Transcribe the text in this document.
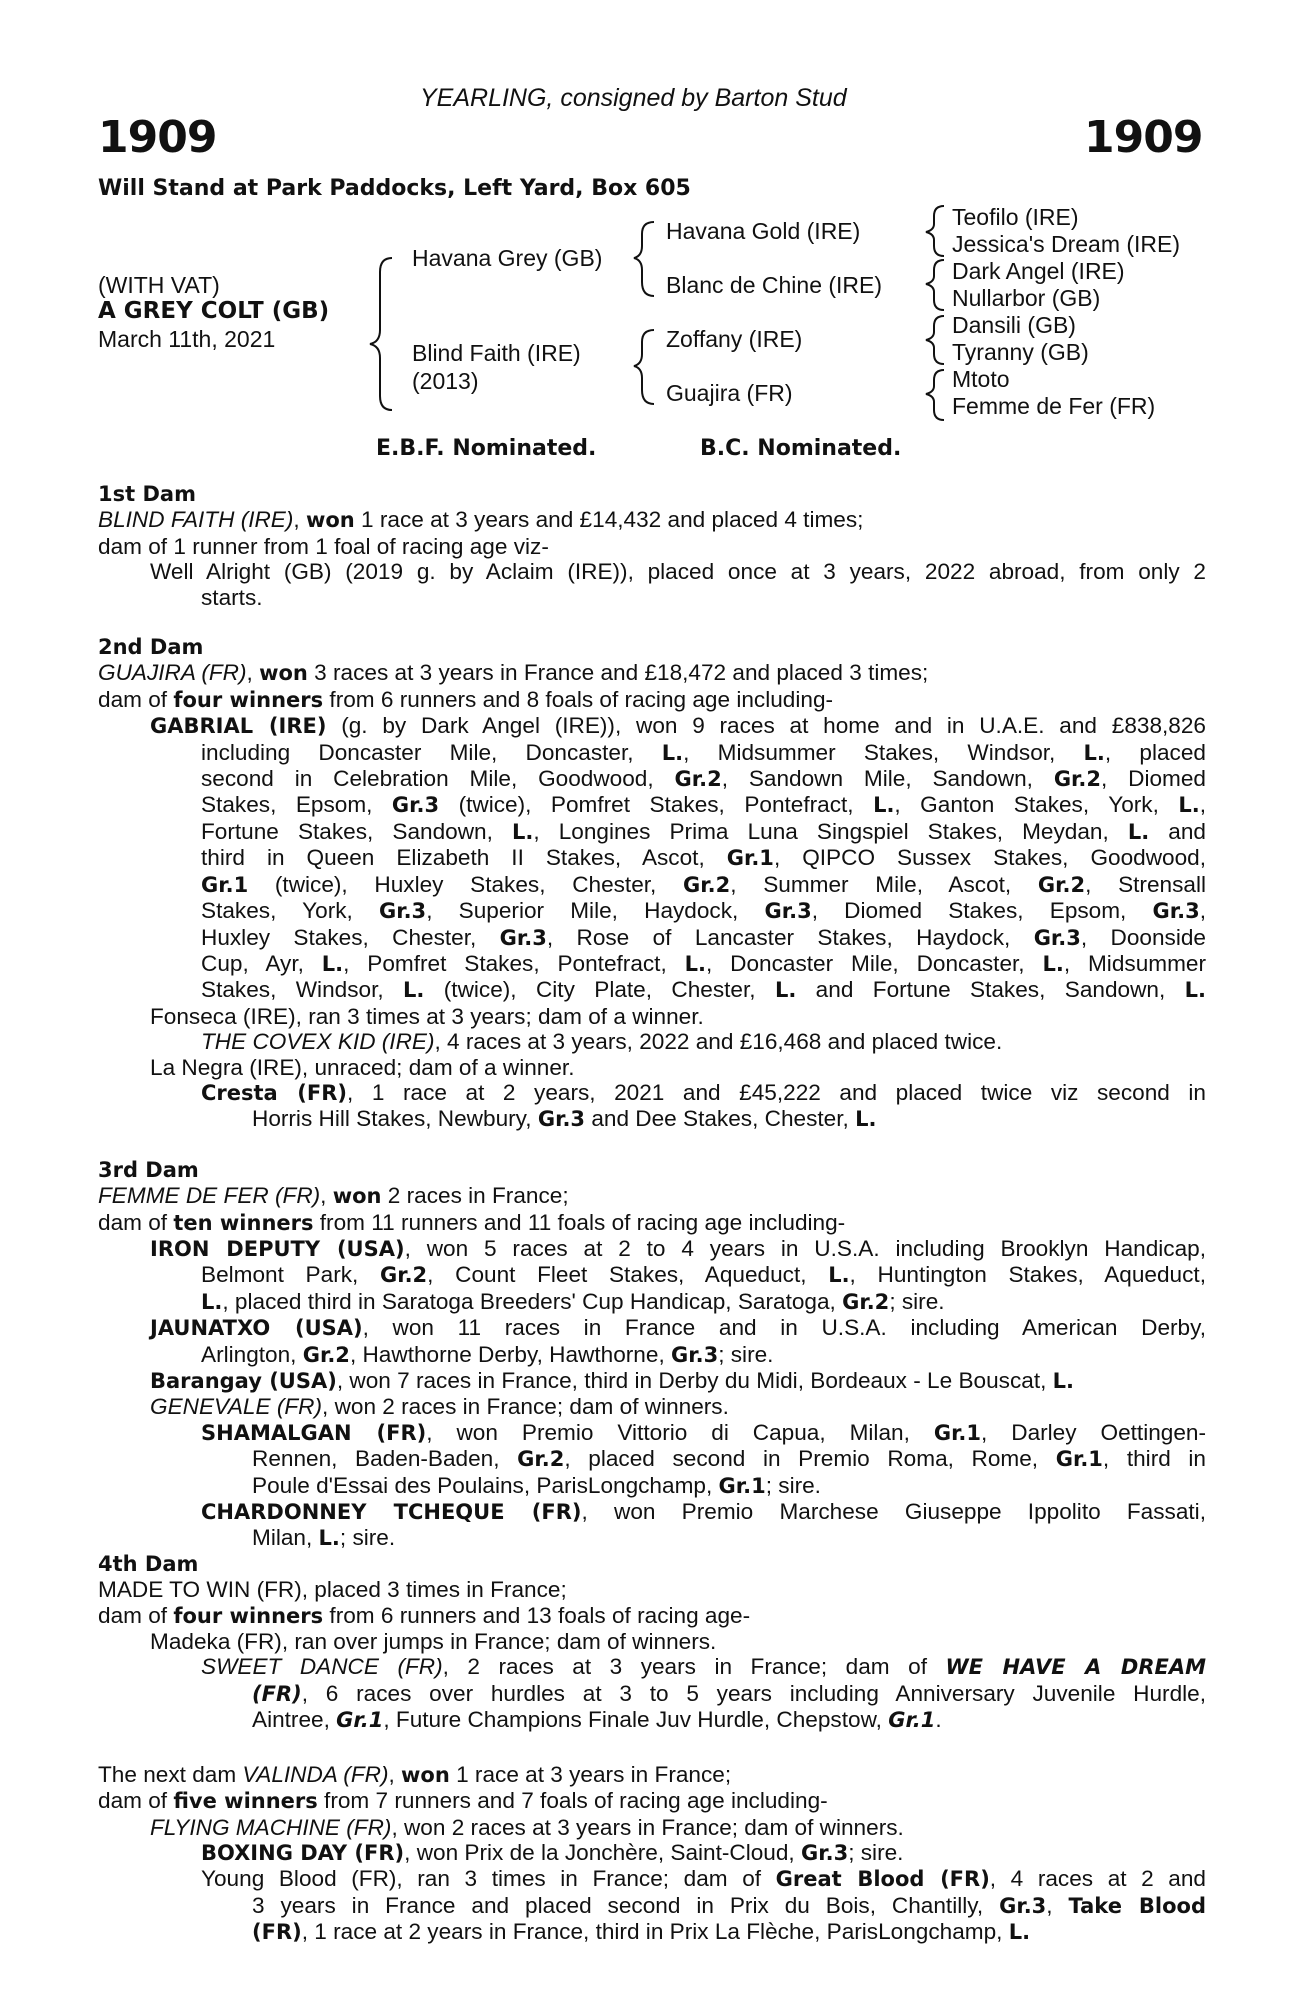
YEARLING, consigned by Barton Stud
1909	1909
Will Stand at Park Paddocks, Left Yard, Box 605
(WITH VAT)
A GREY COLT (GB)
March 11th, 2021
Havana Grey (GB)
Blind Faith (IRE)
(2013)
Havana Gold (IRE)
Blanc de Chine (IRE)
Zoffany (IRE)
Guajira (FR)
Teofilo (IRE)
Jessica's Dream (IRE)
Dark Angel (IRE)
Nullarbor (GB)
Dansili (GB)
Tyranny (GB)
Mtoto
Femme de Fer (FR)
E.B.F. Nominated.	B.C. Nominated.
1st Dam
BLIND FAITH (IRE), won 1 race at 3 years and £14,432 and placed 4 times;
dam of 1 runner from 1 foal of racing age viz-
Well Alright (GB) (2019 g. by Aclaim (IRE)), placed once at 3 years, 2022 abroad, from only 2
starts.
2nd Dam
GUAJIRA (FR), won 3 races at 3 years in France and £18,472 and placed 3 times;
dam of four winners from 6 runners and 8 foals of racing age including-
GABRIAL (IRE) (g. by Dark Angel (IRE)), won 9 races at home and in U.A.E. and £838,826
including Doncaster Mile, Doncaster, L., Midsummer Stakes, Windsor, L., placed
second in Celebration Mile, Goodwood, Gr.2, Sandown Mile, Sandown, Gr.2, Diomed
Stakes, Epsom, Gr.3 (twice), Pomfret Stakes, Pontefract, L., Ganton Stakes, York, L.,
Fortune Stakes, Sandown, L., Longines Prima Luna Singspiel Stakes, Meydan, L. and
third in Queen Elizabeth II Stakes, Ascot, Gr.1, QIPCO Sussex Stakes, Goodwood,
Gr.1 (twice), Huxley Stakes, Chester, Gr.2, Summer Mile, Ascot, Gr.2, Strensall
Stakes, York, Gr.3, Superior Mile, Haydock, Gr.3, Diomed Stakes, Epsom, Gr.3,
Huxley Stakes, Chester, Gr.3, Rose of Lancaster Stakes, Haydock, Gr.3, Doonside
Cup, Ayr, L., Pomfret Stakes, Pontefract, L., Doncaster Mile, Doncaster, L., Midsummer
Stakes, Windsor, L. (twice), City Plate, Chester, L. and Fortune Stakes, Sandown, L.
Fonseca (IRE), ran 3 times at 3 years; dam of a winner.
THE COVEX KID (IRE), 4 races at 3 years, 2022 and £16,468 and placed twice.
La Negra (IRE), unraced; dam of a winner.
Cresta (FR), 1 race at 2 years, 2021 and £45,222 and placed twice viz second in
Horris Hill Stakes, Newbury, Gr.3 and Dee Stakes, Chester, L.
3rd Dam
FEMME DE FER (FR), won 2 races in France;
dam of ten winners from 11 runners and 11 foals of racing age including-
IRON DEPUTY (USA), won 5 races at 2 to 4 years in U.S.A. including Brooklyn Handicap,
Belmont Park, Gr.2, Count Fleet Stakes, Aqueduct, L., Huntington Stakes, Aqueduct,
L., placed third in Saratoga Breeders' Cup Handicap, Saratoga, Gr.2; sire.
JAUNATXO (USA), won 11 races in France and in U.S.A. including American Derby,
Arlington, Gr.2, Hawthorne Derby, Hawthorne, Gr.3; sire.
Barangay (USA), won 7 races in France, third in Derby du Midi, Bordeaux - Le Bouscat, L.
GENEVALE (FR), won 2 races in France; dam of winners.
SHAMALGAN (FR), won Premio Vittorio di Capua, Milan, Gr.1, Darley Oettingen-
Rennen, Baden-Baden, Gr.2, placed second in Premio Roma, Rome, Gr.1, third in
Poule d'Essai des Poulains, ParisLongchamp, Gr.1; sire.
CHARDONNEY TCHEQUE (FR), won Premio Marchese Giuseppe Ippolito Fassati,
Milan, L.; sire.
4th Dam
MADE TO WIN (FR), placed 3 times in France;
dam of four winners from 6 runners and 13 foals of racing age-
Madeka (FR), ran over jumps in France; dam of winners.
SWEET DANCE (FR), 2 races at 3 years in France; dam of WE HAVE A DREAM
(FR), 6 races over hurdles at 3 to 5 years including Anniversary Juvenile Hurdle,
Aintree, Gr.1, Future Champions Finale Juv Hurdle, Chepstow, Gr.1.
The next dam VALINDA (FR), won 1 race at 3 years in France;
dam of five winners from 7 runners and 7 foals of racing age including-
FLYING MACHINE (FR), won 2 races at 3 years in France; dam of winners.
BOXING DAY (FR), won Prix de la Jonchère, Saint-Cloud, Gr.3; sire.
Young Blood (FR), ran 3 times in France; dam of Great Blood (FR), 4 races at 2 and
3 years in France and placed second in Prix du Bois, Chantilly, Gr.3, Take Blood
(FR), 1 race at 2 years in France, third in Prix La Flèche, ParisLongchamp, L.
